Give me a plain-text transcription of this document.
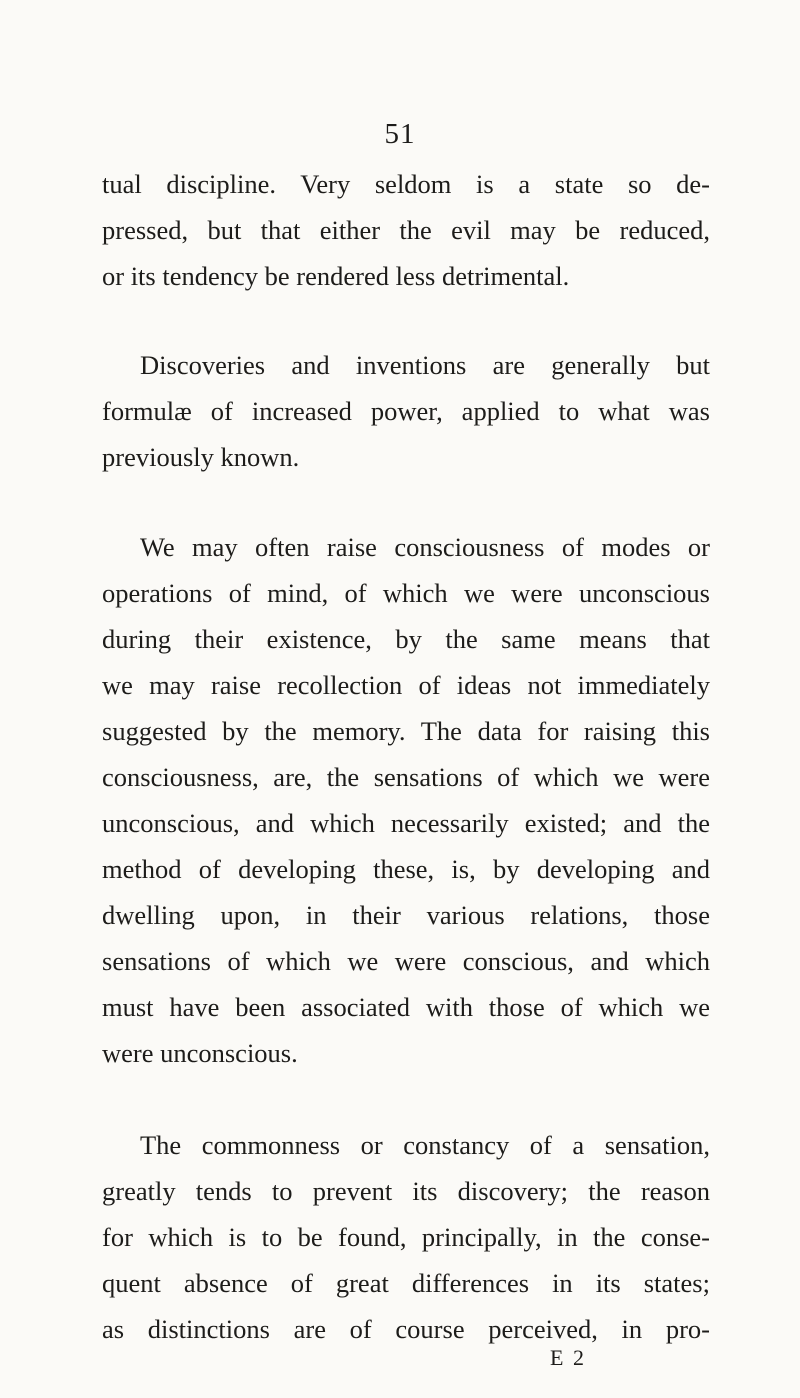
51
tual discipline. Very seldom is a state so de-
pressed, but that either the evil may be reduced,
or its tendency be rendered less detrimental.
Discoveries and inventions are generally but
formulæ of increased power, applied to what was
previously known.
We may often raise consciousness of modes or
operations of mind, of which we were unconscious
during their existence, by the same means that
we may raise recollection of ideas not immediately
suggested by the memory. The data for raising this
consciousness, are, the sensations of which we were
unconscious, and which necessarily existed; and the
method of developing these, is, by developing and
dwelling upon, in their various relations, those
sensations of which we were conscious, and which
must have been associated with those of which we
were unconscious.
The commonness or constancy of a sensation,
greatly tends to prevent its discovery; the reason
for which is to be found, principally, in the conse-
quent absence of great differences in its states;
as distinctions are of course perceived, in pro-
E 2
